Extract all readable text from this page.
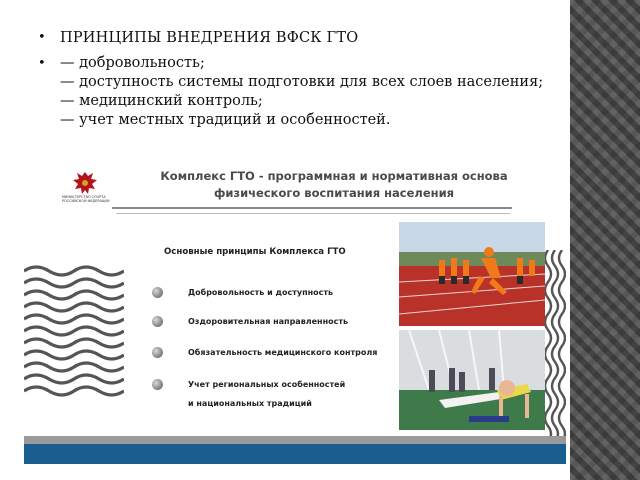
• ПРИНЦИПЫ ВНЕДРЕНИЯ ВФСК ГТО
• — добровольность;
— доступность системы подготовки для всех слоев населения;
— медицинский контроль;
— учет местных традиций и особенностей.
МИНИСТЕРСТВО СПОРТА РОССИЙСКОЙ ФЕДЕРАЦИИ
Комплекс ГТО - программная и нормативная основа
физического воспитания населения
Основные принципы Комплекса ГТО
Добровольность и доступность
Оздоровительная направленность
Обязательность медицинского контроля
Учет региональных особенностей
и национальных традиций
